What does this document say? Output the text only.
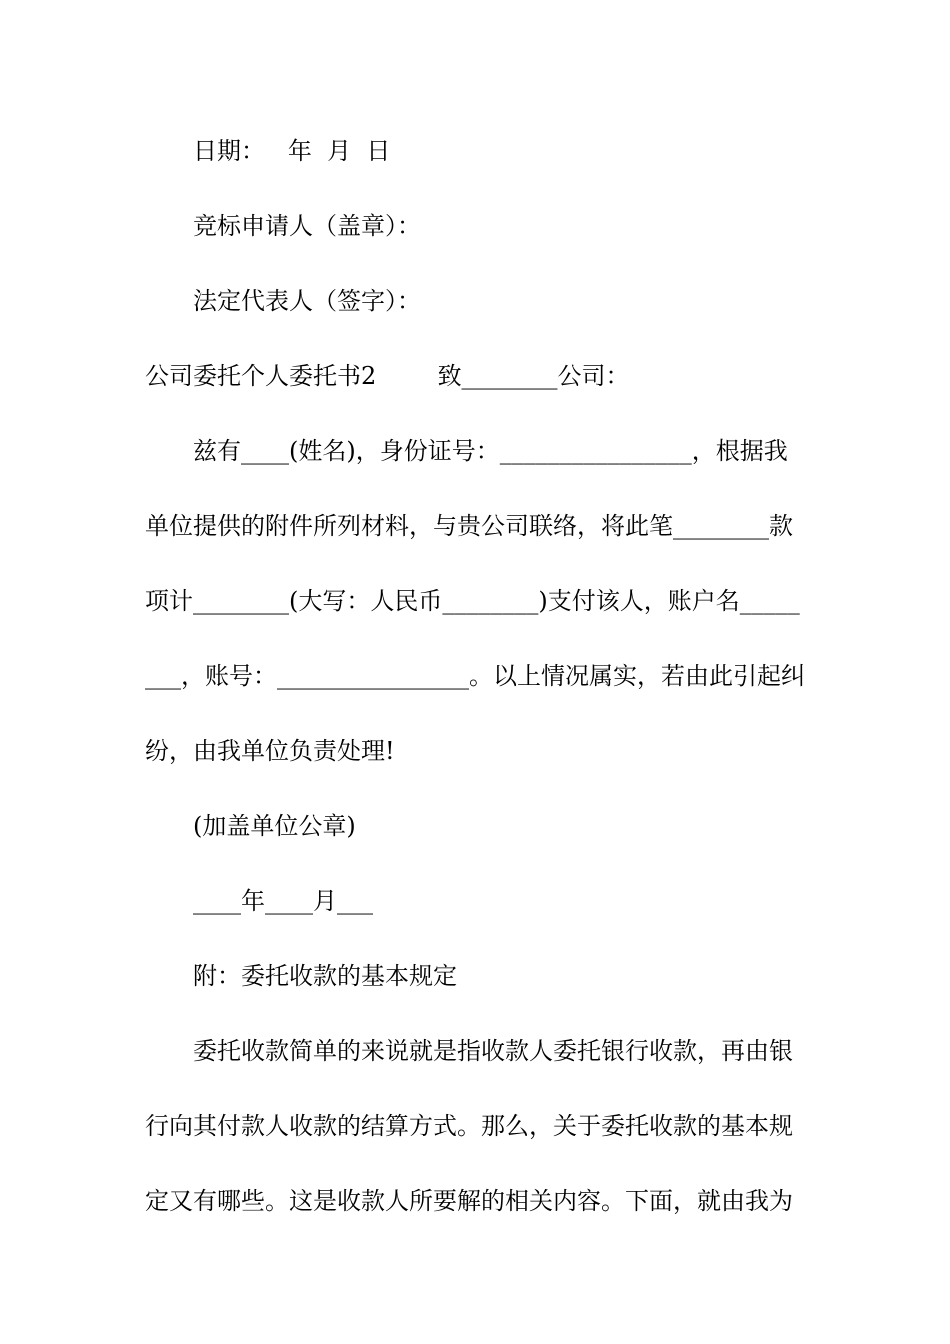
日期：   年  月  日
竞标申请人（盖章）：
法定代表人（签字）：
公司委托个人委托书2	致________公司：
兹有____(姓名)，身份证号：________________，根据我
单位提供的附件所列材料，与贵公司联络，将此笔________款
项计________(大写：人民币________)支付该人，账户名_____
___，账号：________________。以上情况属实，若由此引起纠
纷，由我单位负责处理!
(加盖单位公章)
____年____月___
附：委托收款的基本规定
委托收款简单的来说就是指收款人委托银行收款，再由银
行向其付款人收款的结算方式。那么，关于委托收款的基本规
定又有哪些。这是收款人所要解的相关内容。下面，就由我为
